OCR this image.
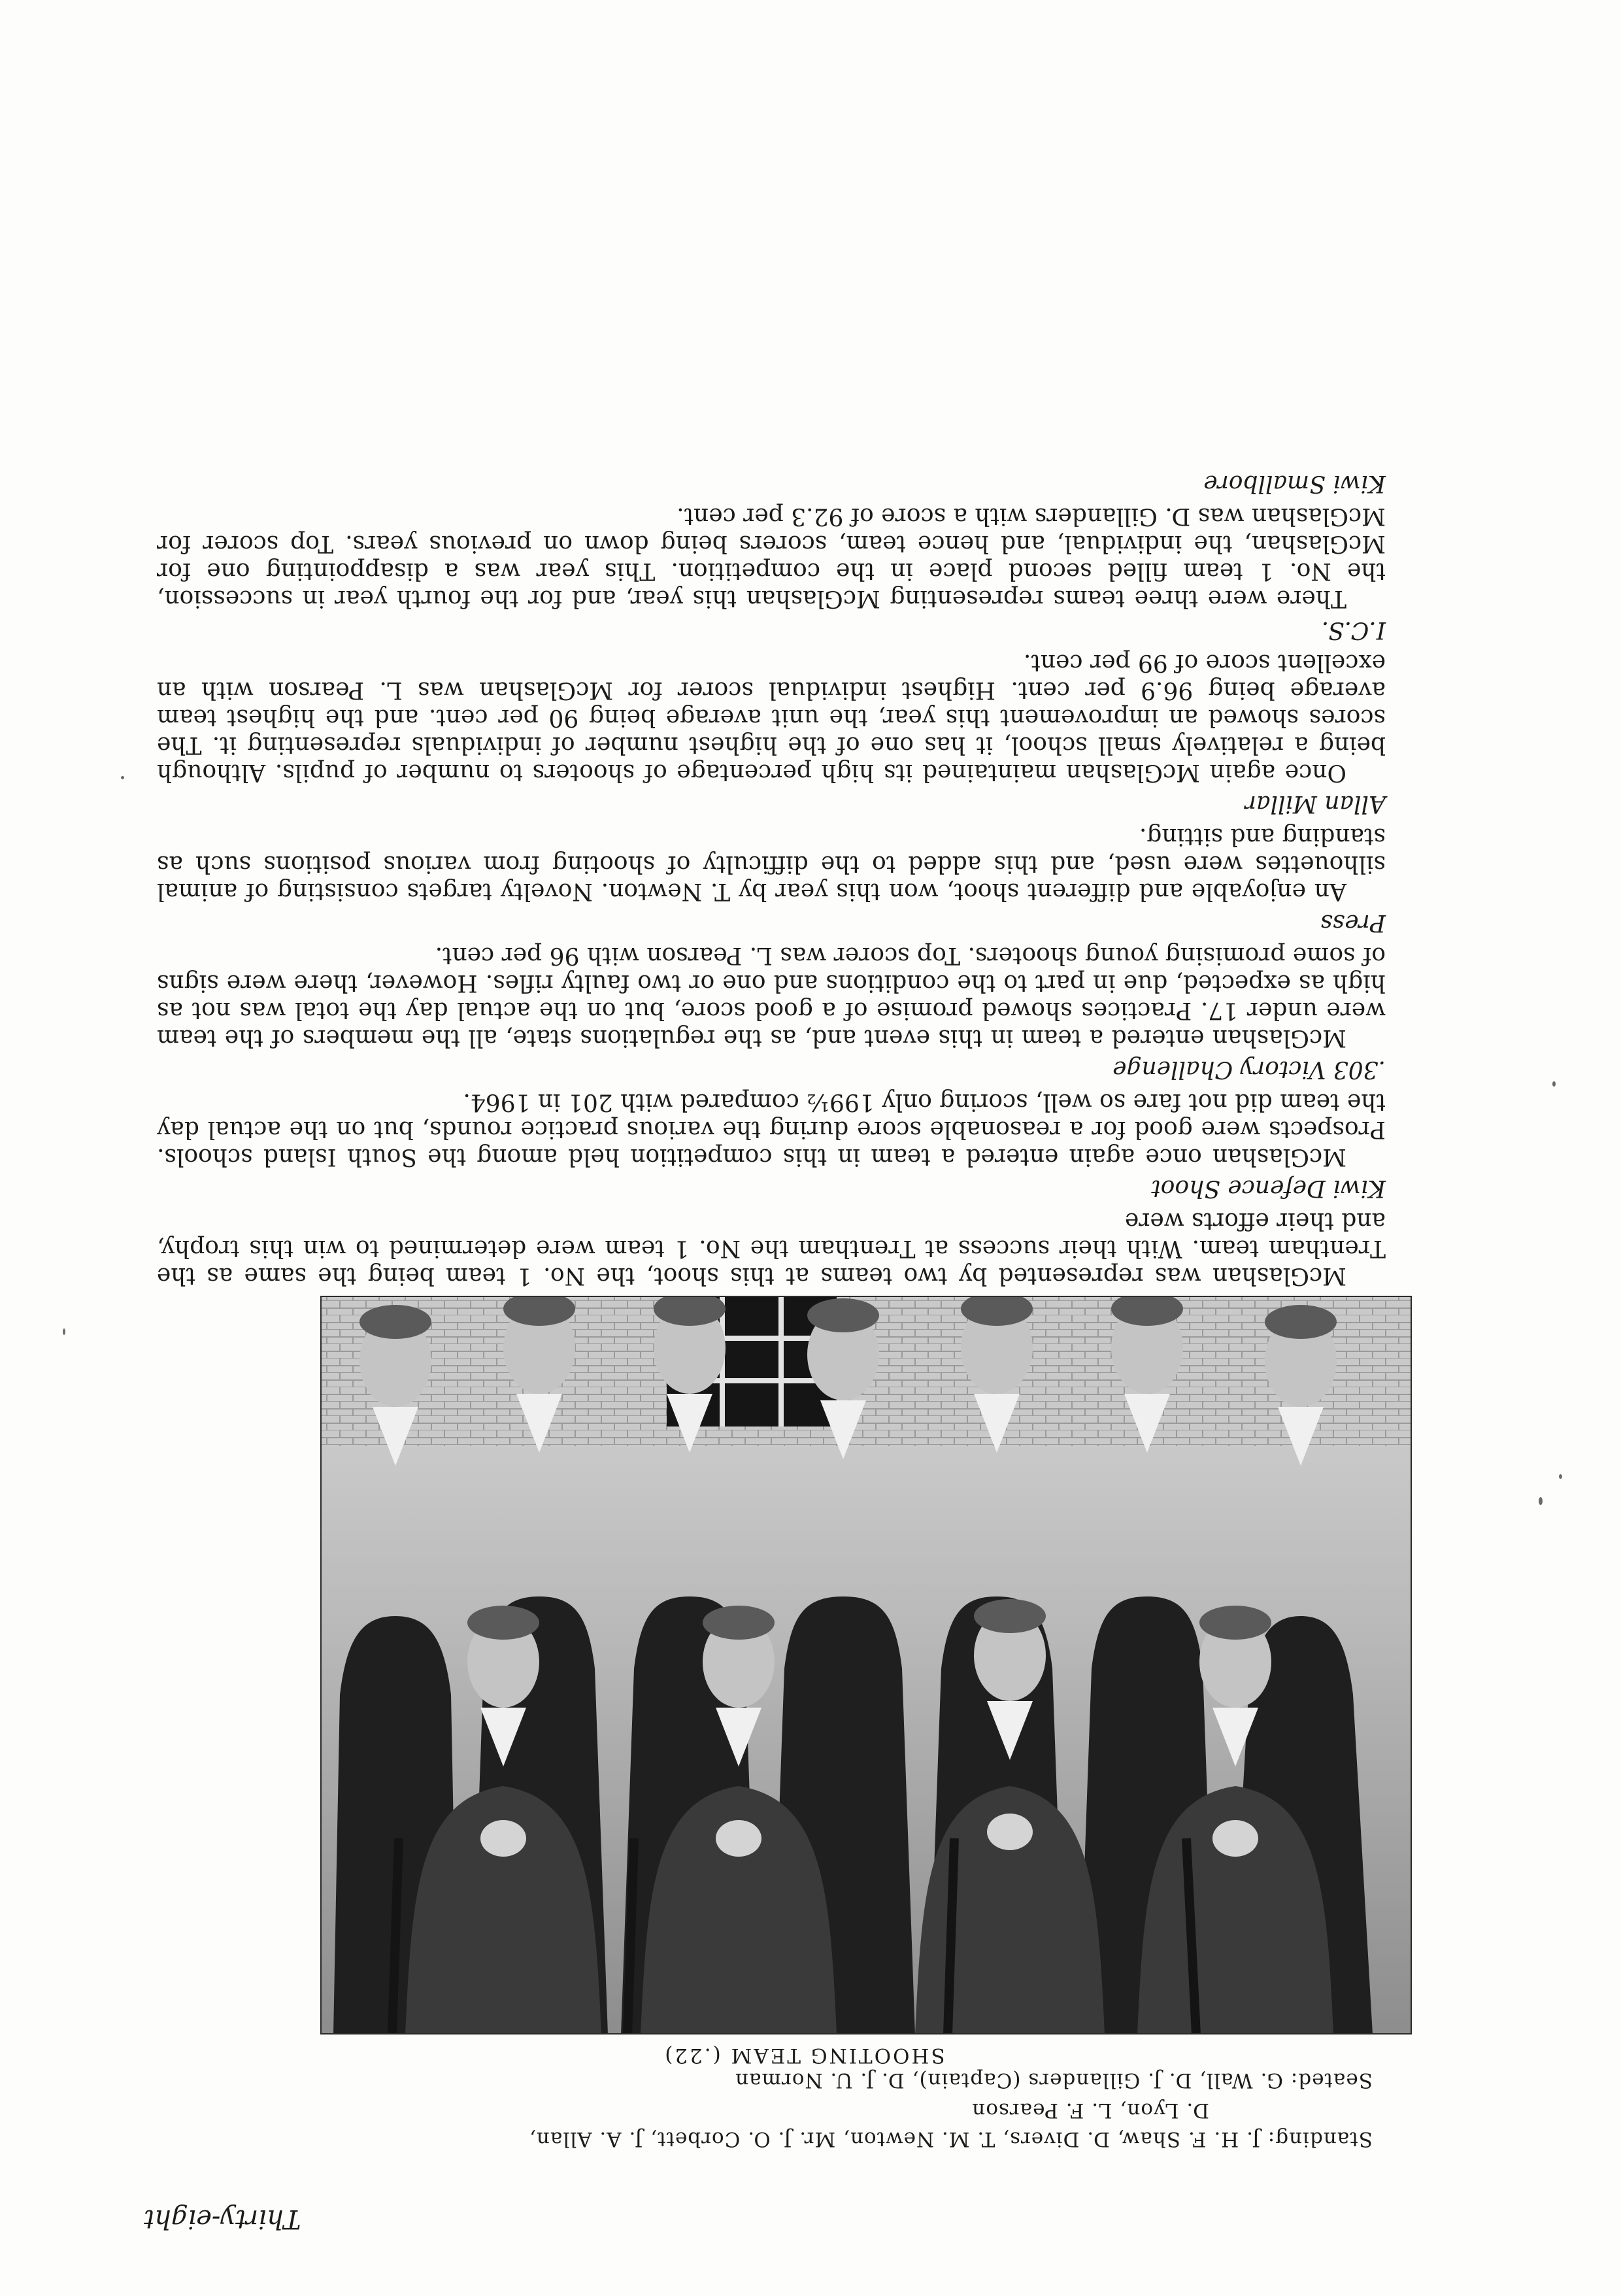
Thirty-eight
Standing: J. H. F. Shaw, D. Divers, T. M. Newton, Mr. J. O. Corbett, J. A. Allan,
D. Lyon, L. F. Pearson
Seated: G. Wall, D. J. Gillanders (Captain), D. J. U. Norman
SHOOTING TEAM (.22)

McGlashan was represented by two teams at this shoot, the No. 1 team being the same as the Trentham team. With their success at Trentham the No. 1 team were determined to win this trophy, and their efforts were

Kiwi Defence Shoot

McGlashan once again entered a team in this competition held among the South Island schools. Prospects were good for a reasonable score during the various practice rounds, but on the actual day the team did not fare so well, scoring only 199½ compared with 201 in 1964.

.303 Victory Challenge

McGlashan entered a team in this event and, as the regulations state, all the members of the team were under 17. Practices showed promise of a good score, but on the actual day the total was not as high as expected, due in part to the conditions and one or two faulty rifles. However, there were signs of some promising young shooters. Top scorer was L. Pearson with 96 per cent.

Press

An enjoyable and different shoot, won this year by T. Newton. Novelty targets consisting of animal silhouettes were used, and this added to the difficulty of shooting from various positions such as standing and sitting.

Allan Millar

Once again McGlashan maintained its high percentage of shooters to number of pupils. Although being a relatively small school, it has one of the highest number of individuals representing it. The scores showed an improvement this year, the unit average being 90 per cent. and the highest team average being 96.9 per cent. Highest individual scorer for McGlashan was L. Pearson with an excellent score of 99 per cent.

I.C.S.

There were three teams representing McGlashan this year, and for the fourth year in succession, the No. 1 team filled second place in the competition. This year was a disappointing one for McGlashan, the individual, and hence team, scorers being down on previous years. Top scorer for McGlashan was D. Gillanders with a score of 92.3 per cent.

Kiwi Smallbore
